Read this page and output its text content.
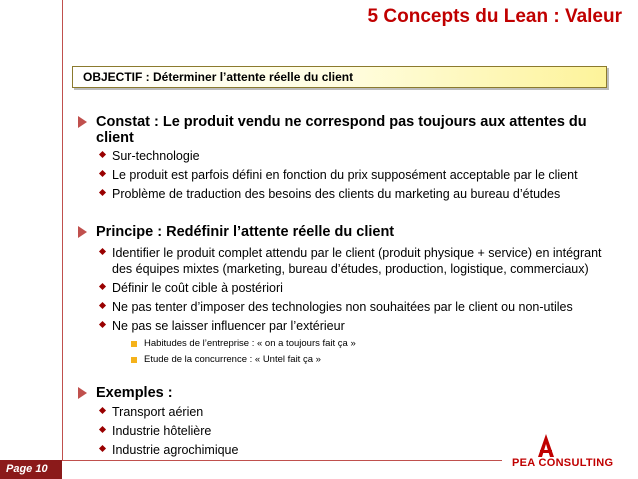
5 Concepts du Lean : Valeur
OBJECTIF : Déterminer l’attente réelle du client
Constat : Le produit vendu ne correspond pas toujours aux attentes du client
Sur-technologie
Le produit est parfois défini en fonction du prix supposément acceptable par le client
Problème de traduction des besoins des clients du marketing au bureau d’études
Principe : Redéfinir l’attente réelle du client
Identifier le produit complet attendu par le client (produit physique + service) en intégrant des équipes mixtes (marketing, bureau d’études, production, logistique, commerciaux)
Définir le coût cible à postériori
Ne pas tenter d’imposer des technologies non souhaitées par le client ou non-utiles
Ne pas se laisser influencer par l’extérieur
Habitudes de l’entreprise : « on a toujours fait ça »
Etude de la concurrence : « Untel fait ça »
Exemples :
Transport aérien
Industrie hôtelière
Industrie agrochimique
Page 10	PEA CONSULTING
